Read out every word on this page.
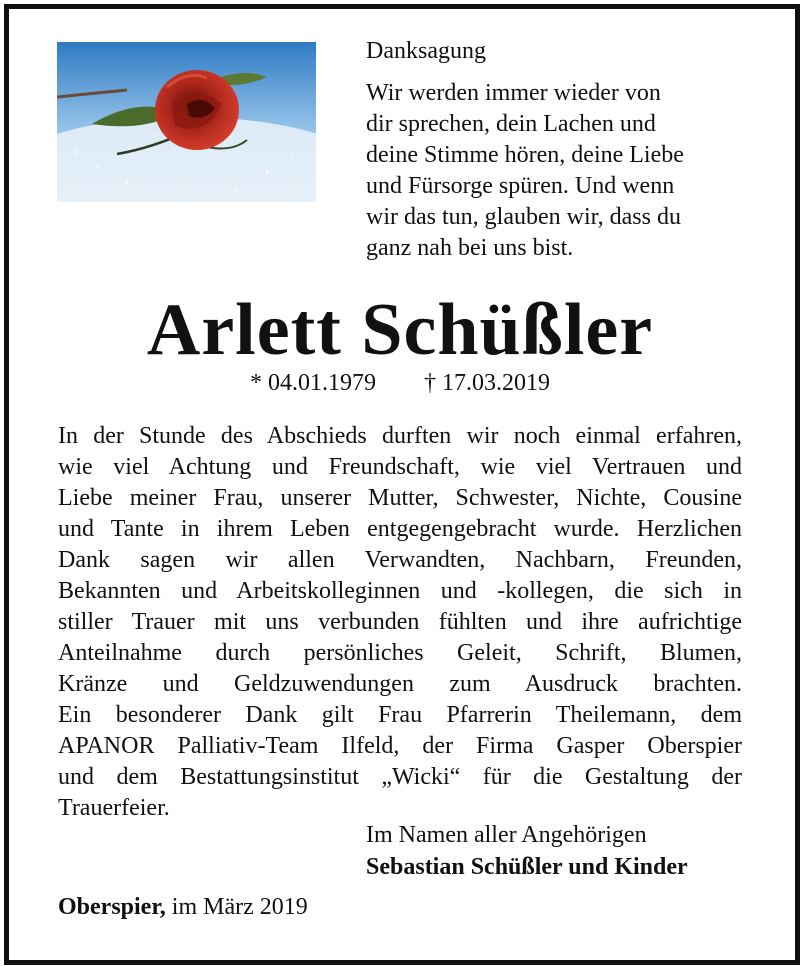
Danksagung
Wir werden immer wieder von
dir sprechen, dein Lachen und
deine Stimme hören, deine Liebe
und Fürsorge spüren. Und wenn
wir das tun, glauben wir, dass du
ganz nah bei uns bist.
Arlett Schüßler
* 04.01.1979 † 17.03.2019
In der Stunde des Abschieds durften wir noch einmal erfahren,
wie viel Achtung und Freundschaft, wie viel Vertrauen und
Liebe meiner Frau, unserer Mutter, Schwester, Nichte, Cousine
und Tante in ihrem Leben entgegengebracht wurde. Herzlichen
Dank sagen wir allen Verwandten, Nachbarn, Freunden,
Bekannten und Arbeitskolleginnen und -kollegen, die sich in
stiller Trauer mit uns verbunden fühlten und ihre aufrichtige
Anteilnahme durch persönliches Geleit, Schrift, Blumen,
Kränze und Geldzuwendungen zum Ausdruck brachten.
Ein besonderer Dank gilt Frau Pfarrerin Theilemann, dem
APANOR Palliativ-Team Ilfeld, der Firma Gasper Oberspier
und dem Bestattungsinstitut „Wicki“ für die Gestaltung der
Trauerfeier.
Im Namen aller Angehörigen
Sebastian Schüßler und Kinder
Oberspier, im März 2019
